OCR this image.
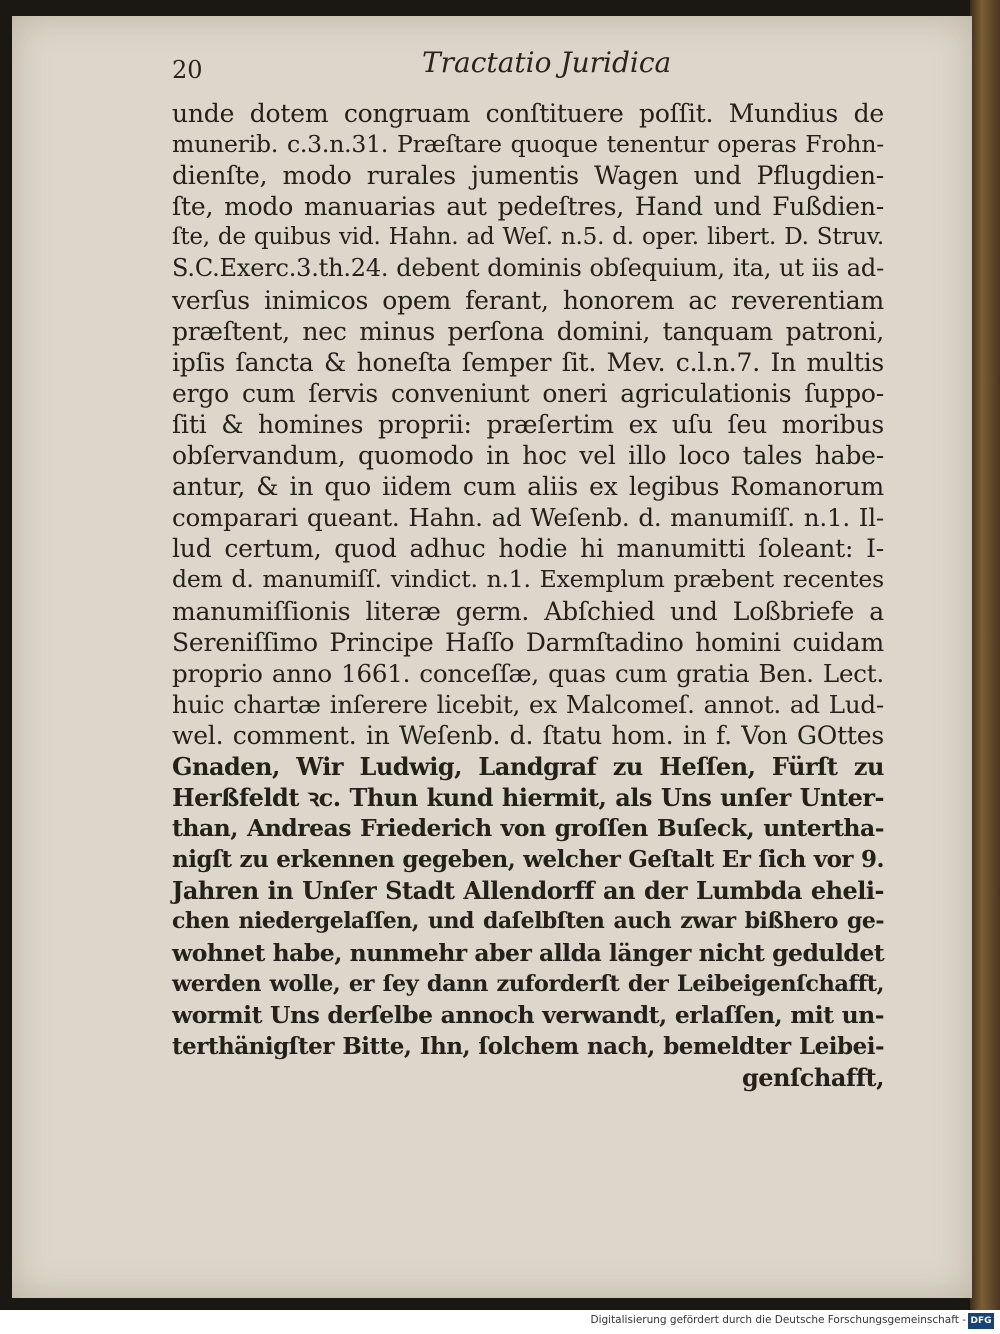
20	Tractatio Juridica
unde dotem congruam conſtituere poſſit. Mundius de
munerib. c.3.n.31. Præſtare quoque tenentur operas Frohn-
dienſte, modo rurales jumentis Wagen und Pflugdien-
ſte, modo manuarias aut pedeſtres, Hand und Fußdien-
ſte, de quibus vid. Hahn. ad Weſ. n.5. d. oper. libert. D. Struv.
S.C.Exerc.3.th.24. debent dominis obſequium, ita, ut iis ad-
verſus inimicos opem ferant, honorem ac reverentiam
præſtent, nec minus perſona domini, tanquam patroni,
ipſis ſancta & honeſta ſemper ſit. Mev. c.l.n.7. In multis
ergo cum ſervis conveniunt oneri agriculationis ſuppo-
ſiti & homines proprii: præſertim ex uſu ſeu moribus
obſervandum, quomodo in hoc vel illo loco tales habe-
antur, & in quo iidem cum aliis ex legibus Romanorum
comparari queant. Hahn. ad Weſenb. d. manumiſſ. n.1. Il-
lud certum, quod adhuc hodie hi manumitti ſoleant: I-
dem d. manumiſſ. vindict. n.1. Exemplum præbent recentes
manumiſſionis literæ germ. Abſchied und Loßbriefe a
Sereniſſimo Principe Haſſo Darmſtadino homini cuidam
proprio anno 1661. conceſſæ, quas cum gratia Ben. Lect.
huic chartæ inſerere licebit, ex Malcomeſ. annot. ad Lud-
wel. comment. in Weſenb. d. ſtatu hom. in f. Von GOttes
Gnaden, Wir Ludwig, Landgraf zu Heſſen, Fürſt zu
Herßfeldt ꝛc. Thun kund hiermit, als Uns unſer Unter-
than, Andreas Friederich von groſſen Buſeck, untertha-
nigſt zu erkennen gegeben, welcher Geſtalt Er ſich vor 9.
Jahren in Unſer Stadt Allendorff an der Lumbda eheli-
chen niedergelaſſen, und daſelbſten auch zwar bißhero ge-
wohnet habe, nunmehr aber allda länger nicht geduldet
werden wolle, er ſey dann zuforderſt der Leibeigenſchafft,
wormit Uns derſelbe annoch verwandt, erlaſſen, mit un-
terthänigſter Bitte, Ihn, ſolchem nach, bemeldter Leibei-
genſchafft,
Digitalisierung gefördert durch die Deutsche Forschungsgemeinschaft - DFG
